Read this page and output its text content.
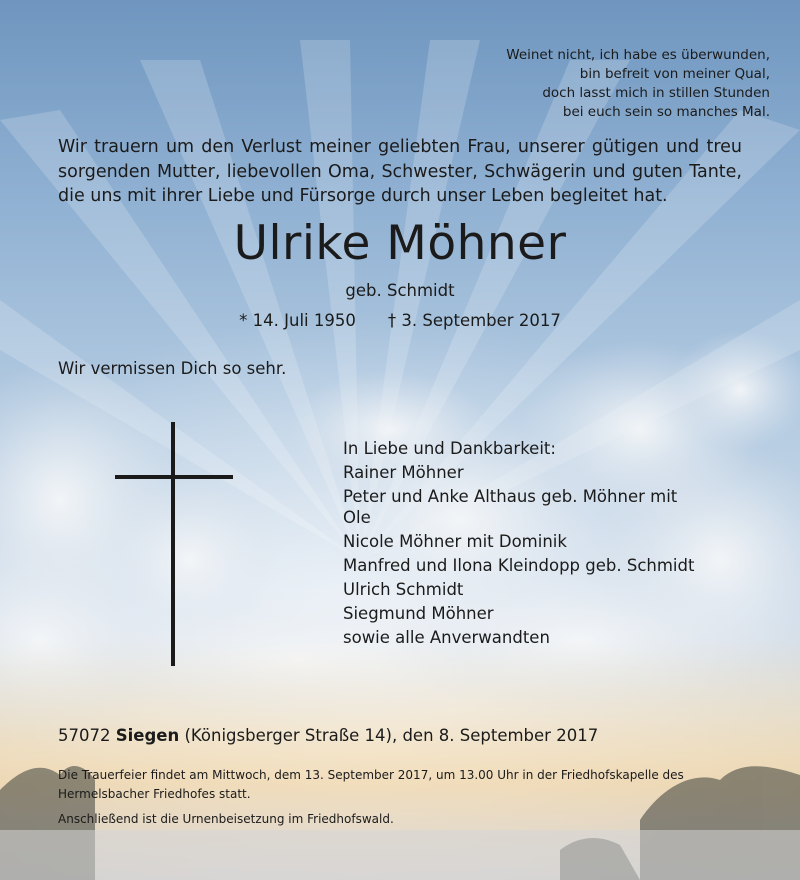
Weinet nicht, ich habe es überwunden,
bin befreit von meiner Qual,
doch lasst mich in stillen Stunden
bei euch sein so manches Mal.
Wir trauern um den Verlust meiner geliebten Frau, unserer gütigen und treu sorgenden Mutter, liebevollen Oma, Schwester, Schwägerin und guten Tante, die uns mit ihrer Liebe und Fürsorge durch unser Leben begleitet hat.
Ulrike Möhner
geb. Schmidt
* 14. Juli 1950 † 3. September 2017
Wir vermissen Dich so sehr.
In Liebe und Dankbarkeit:
Rainer Möhner
Peter und Anke Althaus geb. Möhner mit Ole
Nicole Möhner mit Dominik
Manfred und Ilona Kleindopp geb. Schmidt
Ulrich Schmidt
Siegmund Möhner
sowie alle Anverwandten
57072 Siegen (Königsberger Straße 14), den 8. September 2017
Die Trauerfeier findet am Mittwoch, dem 13. September 2017, um 13.00 Uhr in der Friedhofskapelle des Hermelsbacher Friedhofes statt.
Anschließend ist die Urnenbeisetzung im Friedhofswald.
